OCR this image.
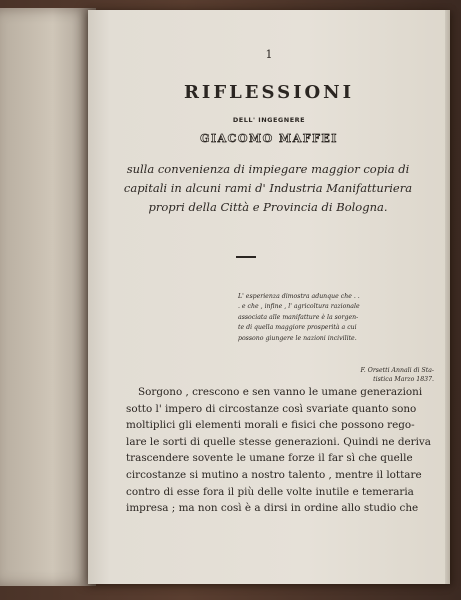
1
RIFLESSIONI
DELL' INGEGNERE
GIACOMO MAFFEI
sulla convenienza di impiegare maggior copia di
capitali in alcuni rami d' Industria Manifatturiera
propri della Città e Provincia di Bologna.
L' esperienza dimostra adunque che . .
. e che , infine , l' agricoltura razionale
associata alle manifatture è la sorgen-
te di quella maggiore prosperità a cui
possono giungere le nazioni incivilite.
F. Orsetti Annali di Sta-
tistica Marzo 1837.
Sorgono , crescono e sen vanno le umane generazioni
sotto l' impero di circostanze così svariate quanto sono
moltiplici gli elementi morali e fisici che possono rego-
lare le sorti di quelle stesse generazioni. Quindi ne deriva
trascendere sovente le umane forze il far sì che quelle
circostanze si mutino a nostro talento , mentre il lottare
contro di esse fora il più delle volte inutile e temeraria
impresa ; ma non così è a dirsi in ordine allo studio che
